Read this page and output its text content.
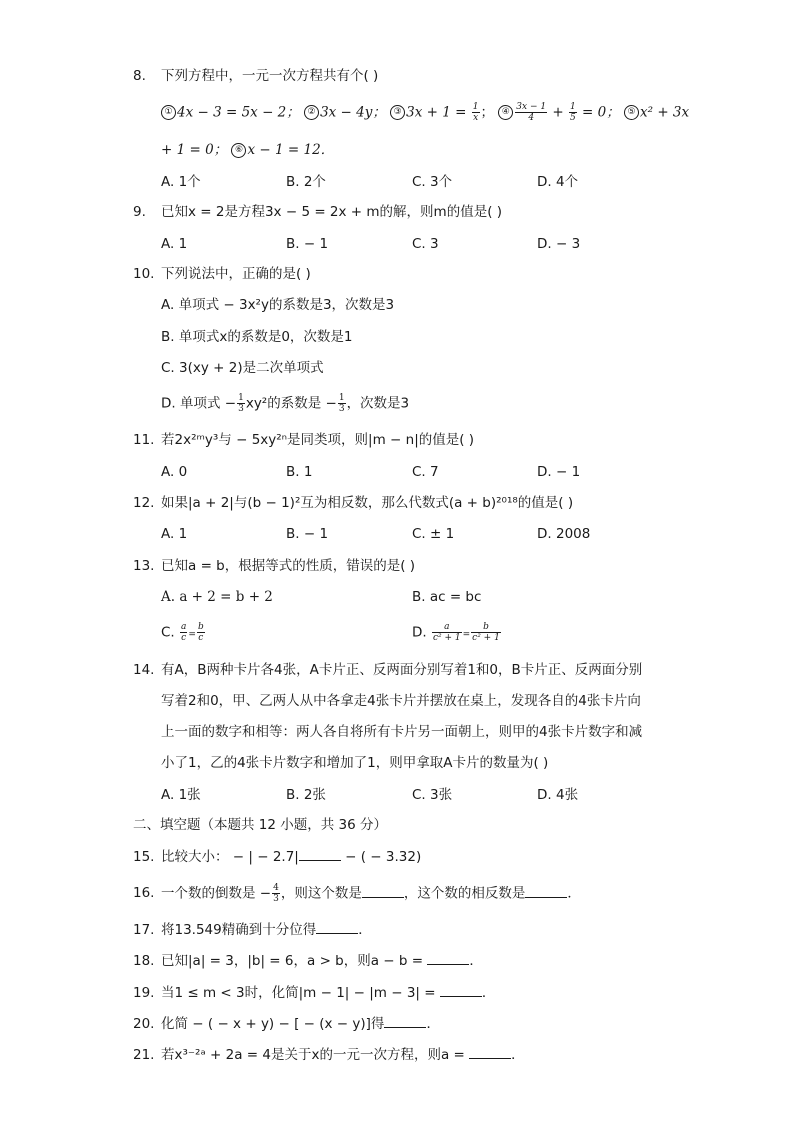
8.	下列方程中，一元一次方程共有个( )
① 4x − 3 = 5x − 2； ② 3x − 4y； ③ $3x + 1 = \frac{1}{x}$ ； ④ $\frac{3x - 1}{4} + \frac{1}{5} = 0$； ⑤ x² + 3x
+ 1 = 0； ⑥ x − 1 = 12．
A. 1个	B. 2个	C. 3个	D. 4个
9.	已知x = 2是方程3x − 5 = 2x + m的解，则m的值是( )
A. 1	B. − 1	C. 3	D. − 3
10. 下列说法中，正确的是( )
A. 单项式 − 3x²y的系数是3，次数是3
B. 单项式x的系数是0，次数是1
C. 3(xy + 2)是二次单项式
D. 单项式 − $\frac{1}{3} xy^2$的系数是 − $\frac{1}{3}$ ，次数是3
11. 若2x²ᵐy³与 − 5xy²ⁿ是同类项，则|m − n|的值是( )
A. 0	B. 1	C. 7	D. − 1
12. 如果|a + 2|与(b − 1)²互为相反数，那么代数式(a + b)²⁰¹⁸的值是( )
A. 1	B. − 1	C. ± 1	D. 2008
13. 已知a = b，根据等式的性质，错误的是( )
A. a + 2 = b + 2	B. ac = bc
C. $\frac{a}{c} = \frac{b}{c}$	D. $\frac{a}{\text{c² + 1}} = \frac{b}{\text{c² + 1}}$
14. 有A，B两种卡片各4张，A卡片正、反两面分别写着1和0，B卡片正、反两面分别
写着2和0，甲、乙两人从中各拿走4张卡片并摆放在桌上，发现各自的4张卡片向
上一面的数字和相等：两人各自将所有卡片另一面朝上，则甲的4张卡片数字和减
小了1，乙的4张卡片数字和增加了1，则甲拿取A卡片的数量为( )
A. 1张	B. 2张	C. 3张	D. 4张
二、填空题（本题共 12 小题，共 36 分）
15. 比较大小： − | − 2.7|	− ( − 3.32)
16. 一个数的倒数是 − $\frac{4}{3}$ ，则这个数是	，这个数的相反数是	．
17. 将13.549精确到十分位得	．
18. 已知|a| = 3，|b| = 6，a > b，则a − b =	．
19. 当1 ≤ m < 3时，化简|m − 1| − |m − 3| =	．
20. 化简 − ( − x + y) − [ − (x − y)]得	．
21. 若x³⁻²ᵃ + 2a = 4是关于x的一元一次方程，则a =	．
